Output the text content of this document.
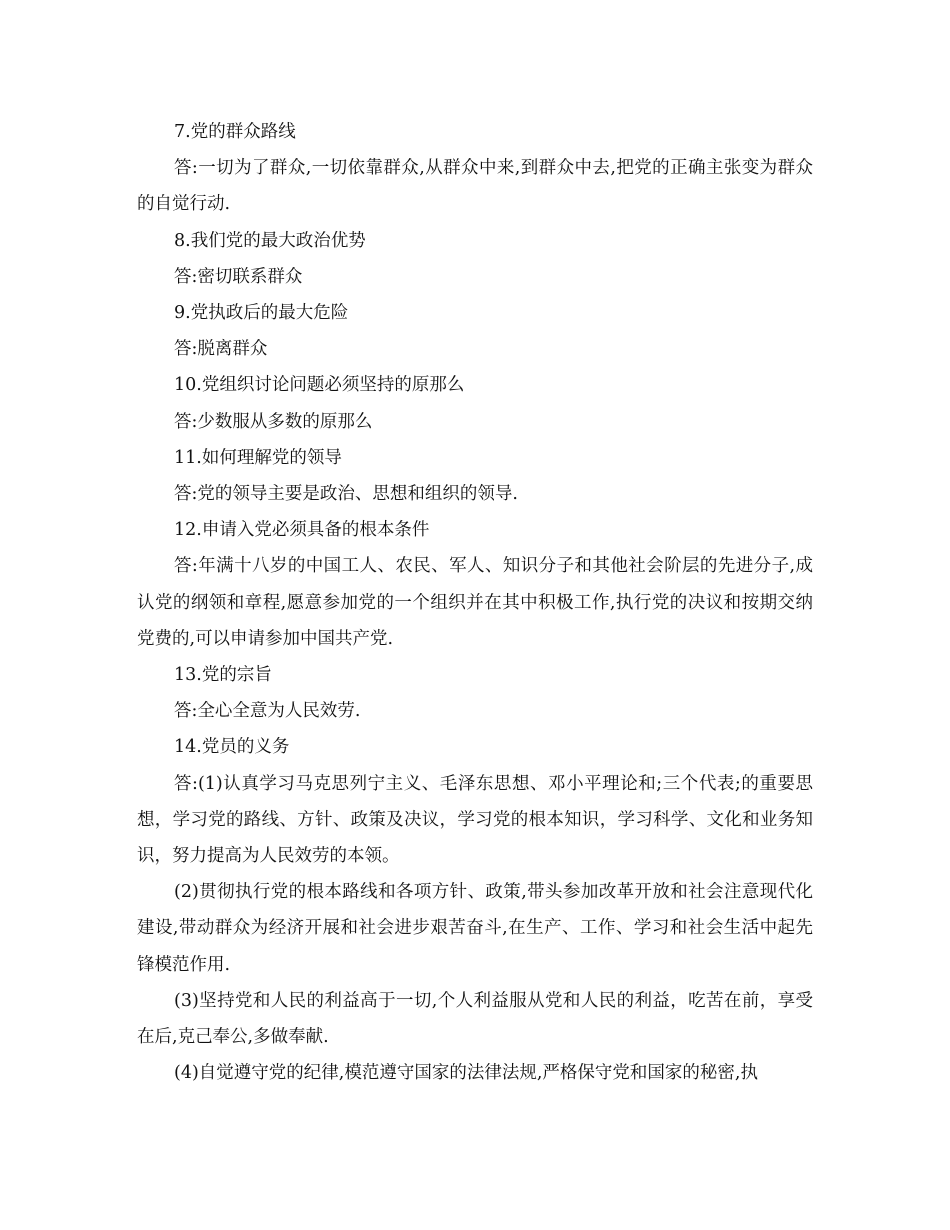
7.党的群众路线

答:一切为了群众,一切依靠群众,从群众中来,到群众中去,把党的正确主张变为群众的自觉行动.

8.我们党的最大政治优势

答:密切联系群众

9.党执政后的最大危险

答:脱离群众

10.党组织讨论问题必须坚持的原那么

答:少数服从多数的原那么

11.如何理解党的领导

答:党的领导主要是政治、思想和组织的领导.

12.申请入党必须具备的根本条件

答:年满十八岁的中国工人、农民、军人、知识分子和其他社会阶层的先进分子,成认党的纲领和章程,愿意参加党的一个组织并在其中积极工作,执行党的决议和按期交纳党费的,可以申请参加中国共产党.

13.党的宗旨

答:全心全意为人民效劳.

14.党员的义务

答:(1)认真学习马克思列宁主义、毛泽东思想、邓小平理论和;三个代表;的重要思想，学习党的路线、方针、政策及决议，学习党的根本知识，学习科学、文化和业务知识，努力提高为人民效劳的本领。

(2)贯彻执行党的根本路线和各项方针、政策,带头参加改革开放和社会注意现代化建设,带动群众为经济开展和社会进步艰苦奋斗,在生产、工作、学习和社会生活中起先锋模范作用.

(3)坚持党和人民的利益高于一切,个人利益服从党和人民的利益，吃苦在前，享受在后,克己奉公,多做奉献.

(4)自觉遵守党的纪律,模范遵守国家的法律法规,严格保守党和国家的秘密,执
